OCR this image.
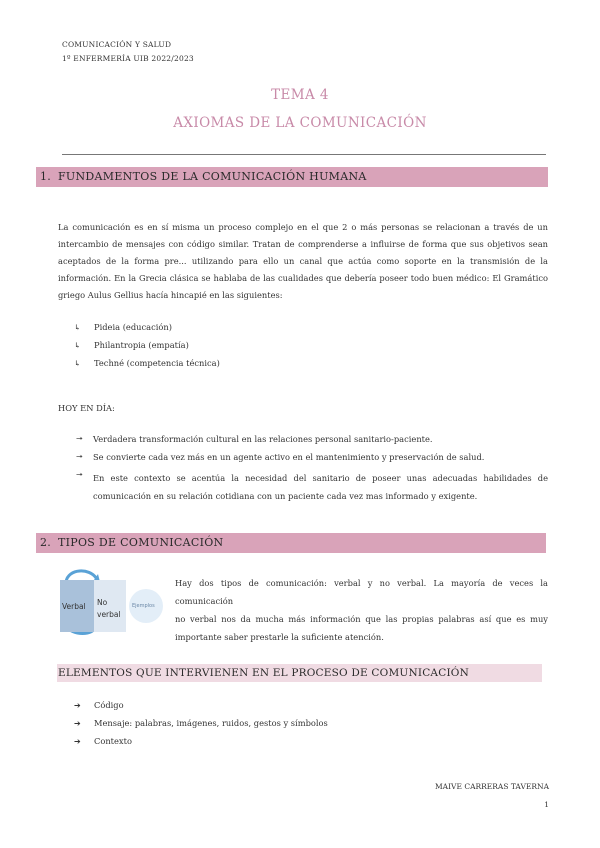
COMUNICACIÓN Y SALUD
1º ENFERMERÍA UIB 2022/2023
TEMA 4
AXIOMAS DE LA COMUNICACIÓN
1. FUNDAMENTOS DE LA COMUNICACIÓN HUMANA
La comunicación es en sí misma un proceso complejo en el que 2 o más personas se relacionan a través de un
intercambio de mensajes con código similar. Tratan de comprenderse a influirse de forma que sus objetivos sean
aceptados de la forma pre... utilizando para ello un canal que actúa como soporte en la transmisión de la
información. En la Grecia clásica se hablaba de las cualidades que debería poseer todo buen médico: El Gramático
griego Aulus Gellius hacía hincapié en las siguientes:
↳ Pideia (educación)
↳ Philantropia (empatía)
↳ Techné (competencia técnica)
HOY EN DÍA:
↠ Verdadera transformación cultural en las relaciones personal sanitario-paciente.
↠ Se convierte cada vez más en un agente activo en el mantenimiento y preservación de salud.
↠ En este contexto se acentúa la necesidad del sanitario de poseer unas adecuadas habilidades de
comunicación en su relación cotidiana con un paciente cada vez mas informado y exigente.
2. TIPOS DE COMUNICACIÓN
Verbal No
verbal
Ejemplos
Hay dos tipos de comunicación: verbal y no verbal. La mayoría de veces la comunicación
no verbal nos da mucha más información que las propias palabras así que es muy
importante saber prestarle la suficiente atención.
ELEMENTOS QUE INTERVIENEN EN EL PROCESO DE COMUNICACIÓN
➔ Código
➔ Mensaje: palabras, imágenes, ruidos, gestos y símbolos
➔ Contexto
MAIVE CARRERAS TAVERNA
1
